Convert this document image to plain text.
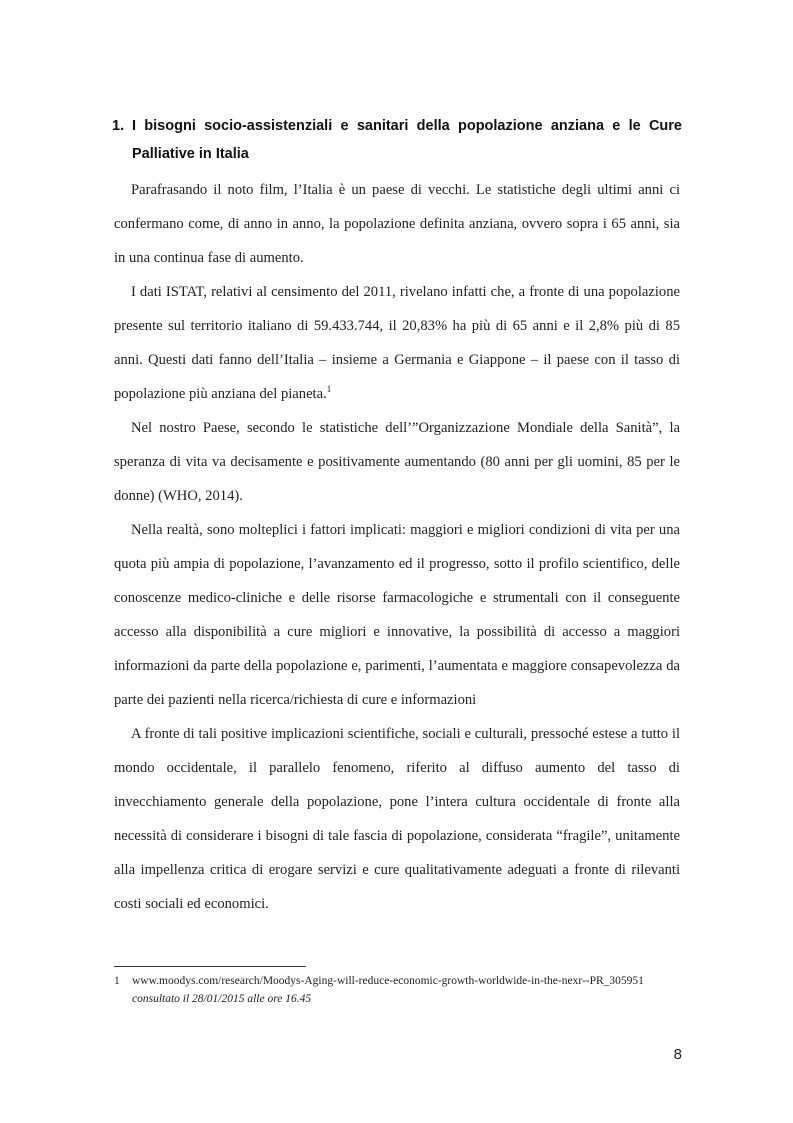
1. I bisogni socio-assistenziali e sanitari della popolazione anziana e le Cure
Palliative in Italia

Parafrasando il noto film, l’Italia è un paese di vecchi. Le statistiche degli ultimi anni ci confermano come, di anno in anno, la popolazione definita anziana, ovvero sopra i 65 anni, sia in una continua fase di aumento.

I dati ISTAT, relativi al censimento del 2011, rivelano infatti che, a fronte di una popolazione presente sul territorio italiano di 59.433.744, il 20,83% ha più di 65 anni e il 2,8% più di 85 anni. Questi dati fanno dell’Italia – insieme a Germania e Giappone – il paese con il tasso di popolazione più anziana del pianeta.$^1$

Nel nostro Paese, secondo le statistiche dell’”Organizzazione Mondiale della Sanità”, la speranza di vita va decisamente e positivamente aumentando (80 anni per gli uomini, 85 per le donne) (WHO, 2014).

Nella realtà, sono molteplici i fattori implicati: maggiori e migliori condizioni di vita per una quota più ampia di popolazione, l’avanzamento ed il progresso, sotto il profilo scientifico, delle conoscenze medico-cliniche e delle risorse farmacologiche e strumentali con il conseguente accesso alla disponibilità a cure migliori e innovative, la possibilità di accesso a maggiori informazioni da parte della popolazione e, parimenti, l’aumentata e maggiore consapevolezza da parte dei pazienti nella ricerca/richiesta di cure e informazioni

A fronte di tali positive implicazioni scientifiche, sociali e culturali, pressoché estese a tutto il mondo occidentale, il parallelo fenomeno, riferito al diffuso aumento del tasso di invecchiamento generale della popolazione, pone l’intera cultura occidentale di fronte alla necessità di considerare i bisogni di tale fascia di popolazione, considerata “fragile”, unitamente alla impellenza critica di erogare servizi e cure qualitativamente adeguati a fronte di rilevanti costi sociali ed economici.

1 www.moodys.com/research/Moodys-Aging-will-reduce-economic-growth-worldwide-in-the-nexr--PR_305951
consultato il 28/01/2015 alle ore 16.45
8
